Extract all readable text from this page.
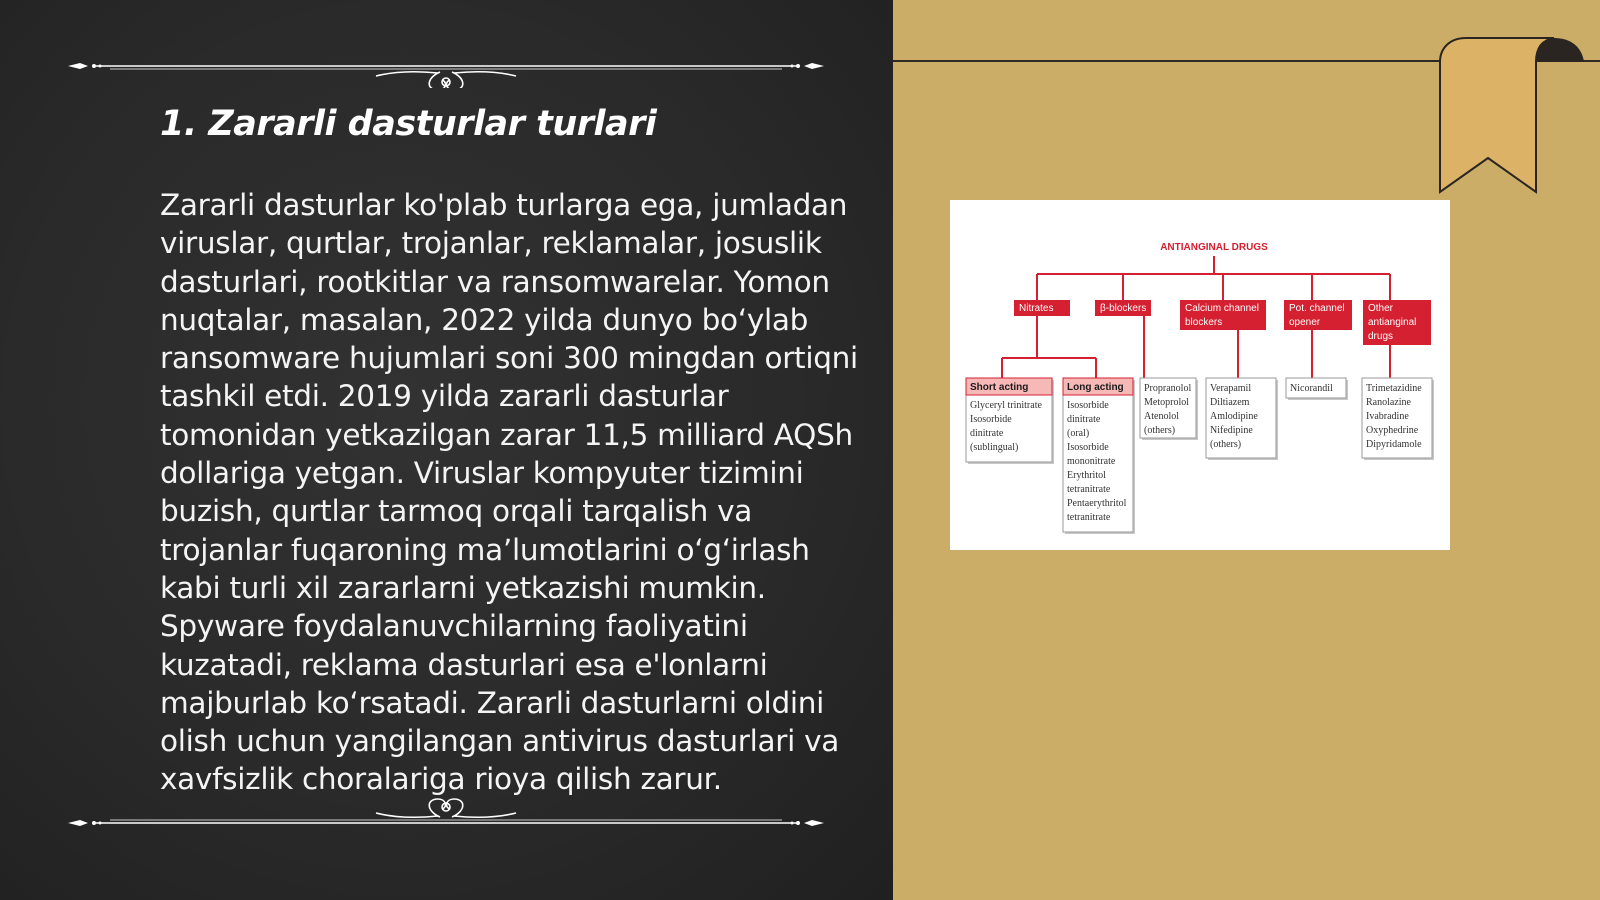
1. Zararli dasturlar turlari

Zararli dasturlar ko'plab turlarga ega, jumladan viruslar, qurtlar, trojanlar, reklamalar, josuslik dasturlari, rootkitlar va ransomwarelar. Yomon nuqtalar, masalan, 2022 yilda dunyo bo‘ylab ransomware hujumlari soni 300 mingdan ortiqni tashkil etdi. 2019 yilda zararli dasturlar tomonidan yetkazilgan zarar 11,5 milliard AQSh dollariga yetgan. Viruslar kompyuter tizimini buzish, qurtlar tarmoq orqali tarqalish va trojanlar fuqaroning ma’lumotlarini o‘g‘irlash kabi turli xil zararlarni yetkazishi mumkin. Spyware foydalanuvchilarning faoliyatini kuzatadi, reklama dasturlari esa e'lonlarni majburlab ko‘rsatadi. Zararli dasturlarni oldini olish uchun yangilangan antivirus dasturlari va xavfsizlik choralariga rioya qilish zarur.

ANTIANGINAL DRUGS
Nitrates	β-blockers	Calcium channel
blockers
Pot. channel
opener
Other
antianginal
drugs
Short acting
Glyceryl trinitrate
Isosorbide
dinitrate
(sublingual)
Long acting
Isosorbide
dinitrate
(oral)
Isosorbide
mononitrate
Erythritol
tetranitrate
Pentaerythritol
tetranitrate
Propranolol
Metoprolol
Atenolol
(others)
Verapamil
Diltiazem
Amlodipine
Nifedipine
(others)
Nicorandil	Trimetazidine
Ranolazine
Ivabradine
Oxyphedrine
Dipyridamole
